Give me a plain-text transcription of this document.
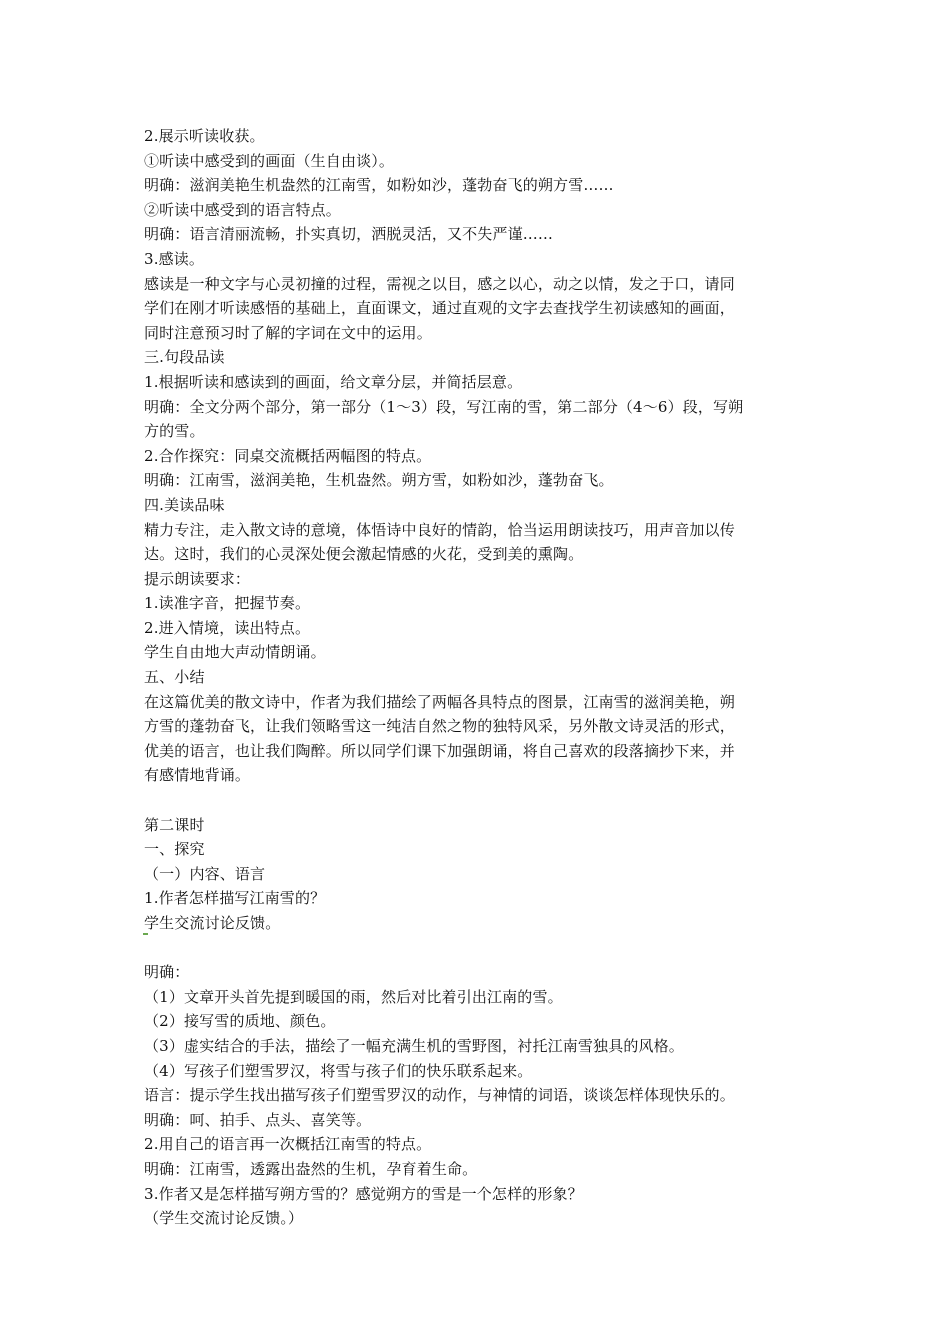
2.展示听读收获。
①听读中感受到的画面（生自由谈）。
明确：滋润美艳生机盎然的江南雪，如粉如沙，蓬勃奋飞的朔方雪……
②听读中感受到的语言特点。
明确：语言清丽流畅，扑实真切，洒脱灵活，又不失严谨……
3.感读。
感读是一种文字与心灵初撞的过程，需视之以目，感之以心，动之以情，发之于口，请同
学们在刚才听读感悟的基础上，直面课文，通过直观的文字去查找学生初读感知的画面，
同时注意预习时了解的字词在文中的运用。
三.句段品读
1.根据听读和感读到的画面，给文章分层，并简括层意。
明确：全文分两个部分，第一部分（1～3）段，写江南的雪，第二部分（4～6）段，写朔
方的雪。
2.合作探究：同桌交流概括两幅图的特点。
明确：江南雪，滋润美艳，生机盎然。朔方雪，如粉如沙，蓬勃奋飞。
四.美读品味
精力专注，走入散文诗的意境，体悟诗中良好的情韵，恰当运用朗读技巧，用声音加以传
达。这时，我们的心灵深处便会激起情感的火花，受到美的熏陶。
提示朗读要求：
1.读准字音，把握节奏。
2.进入情境，读出特点。
学生自由地大声动情朗诵。
五、小结
在这篇优美的散文诗中，作者为我们描绘了两幅各具特点的图景，江南雪的滋润美艳，朔
方雪的蓬勃奋飞，让我们领略雪这一纯洁自然之物的独特风采，另外散文诗灵活的形式，
优美的语言，也让我们陶醉。所以同学们课下加强朗诵，将自己喜欢的段落摘抄下来，并
有感情地背诵。
第二课时
一、探究
（一）内容、语言
1.作者怎样描写江南雪的？
学生交流讨论反馈。
明确：
（1）文章开头首先提到暖国的雨，然后对比着引出江南的雪。
（2）接写雪的质地、颜色。
（3）虚实结合的手法，描绘了一幅充满生机的雪野图，衬托江南雪独具的风格。
（4）写孩子们塑雪罗汉，将雪与孩子们的快乐联系起来。
语言：提示学生找出描写孩子们塑雪罗汉的动作，与神情的词语，谈谈怎样体现快乐的。
明确：呵、拍手、点头、喜笑等。
2.用自己的语言再一次概括江南雪的特点。
明确：江南雪，透露出盎然的生机，孕育着生命。
3.作者又是怎样描写朔方雪的？感觉朔方的雪是一个怎样的形象？
（学生交流讨论反馈。）
